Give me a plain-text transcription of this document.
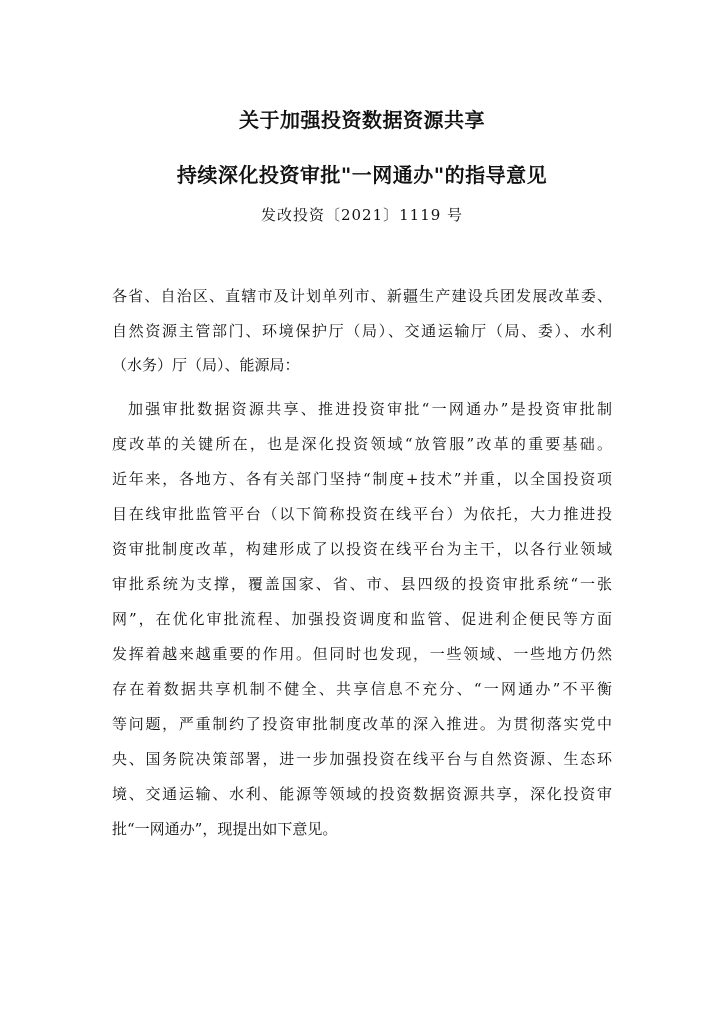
关于加强投资数据资源共享
持续深化投资审批"一网通办"的指导意见
发改投资〔2021〕1119 号
各省、自治区、直辖市及计划单列市、新疆生产建设兵团发展改革委、
自然资源主管部门、环境保护厅（局）、交通运输厅（局、委）、水利
（水务）厅（局）、能源局：
加强审批数据资源共享、推进投资审批“一网通办”是投资审批制
度改革的关键所在，也是深化投资领域“放管服”改革的重要基础。
近年来，各地方、各有关部门坚持“制度+技术”并重，以全国投资项
目在线审批监管平台（以下简称投资在线平台）为依托，大力推进投
资审批制度改革，构建形成了以投资在线平台为主干，以各行业领域
审批系统为支撑，覆盖国家、省、市、县四级的投资审批系统“一张
网”，在优化审批流程、加强投资调度和监管、促进利企便民等方面
发挥着越来越重要的作用。但同时也发现，一些领域、一些地方仍然
存在着数据共享机制不健全、共享信息不充分、“一网通办”不平衡
等问题，严重制约了投资审批制度改革的深入推进。为贯彻落实党中
央、国务院决策部署，进一步加强投资在线平台与自然资源、生态环
境、交通运输、水利、能源等领域的投资数据资源共享，深化投资审
批“一网通办”，现提出如下意见。
